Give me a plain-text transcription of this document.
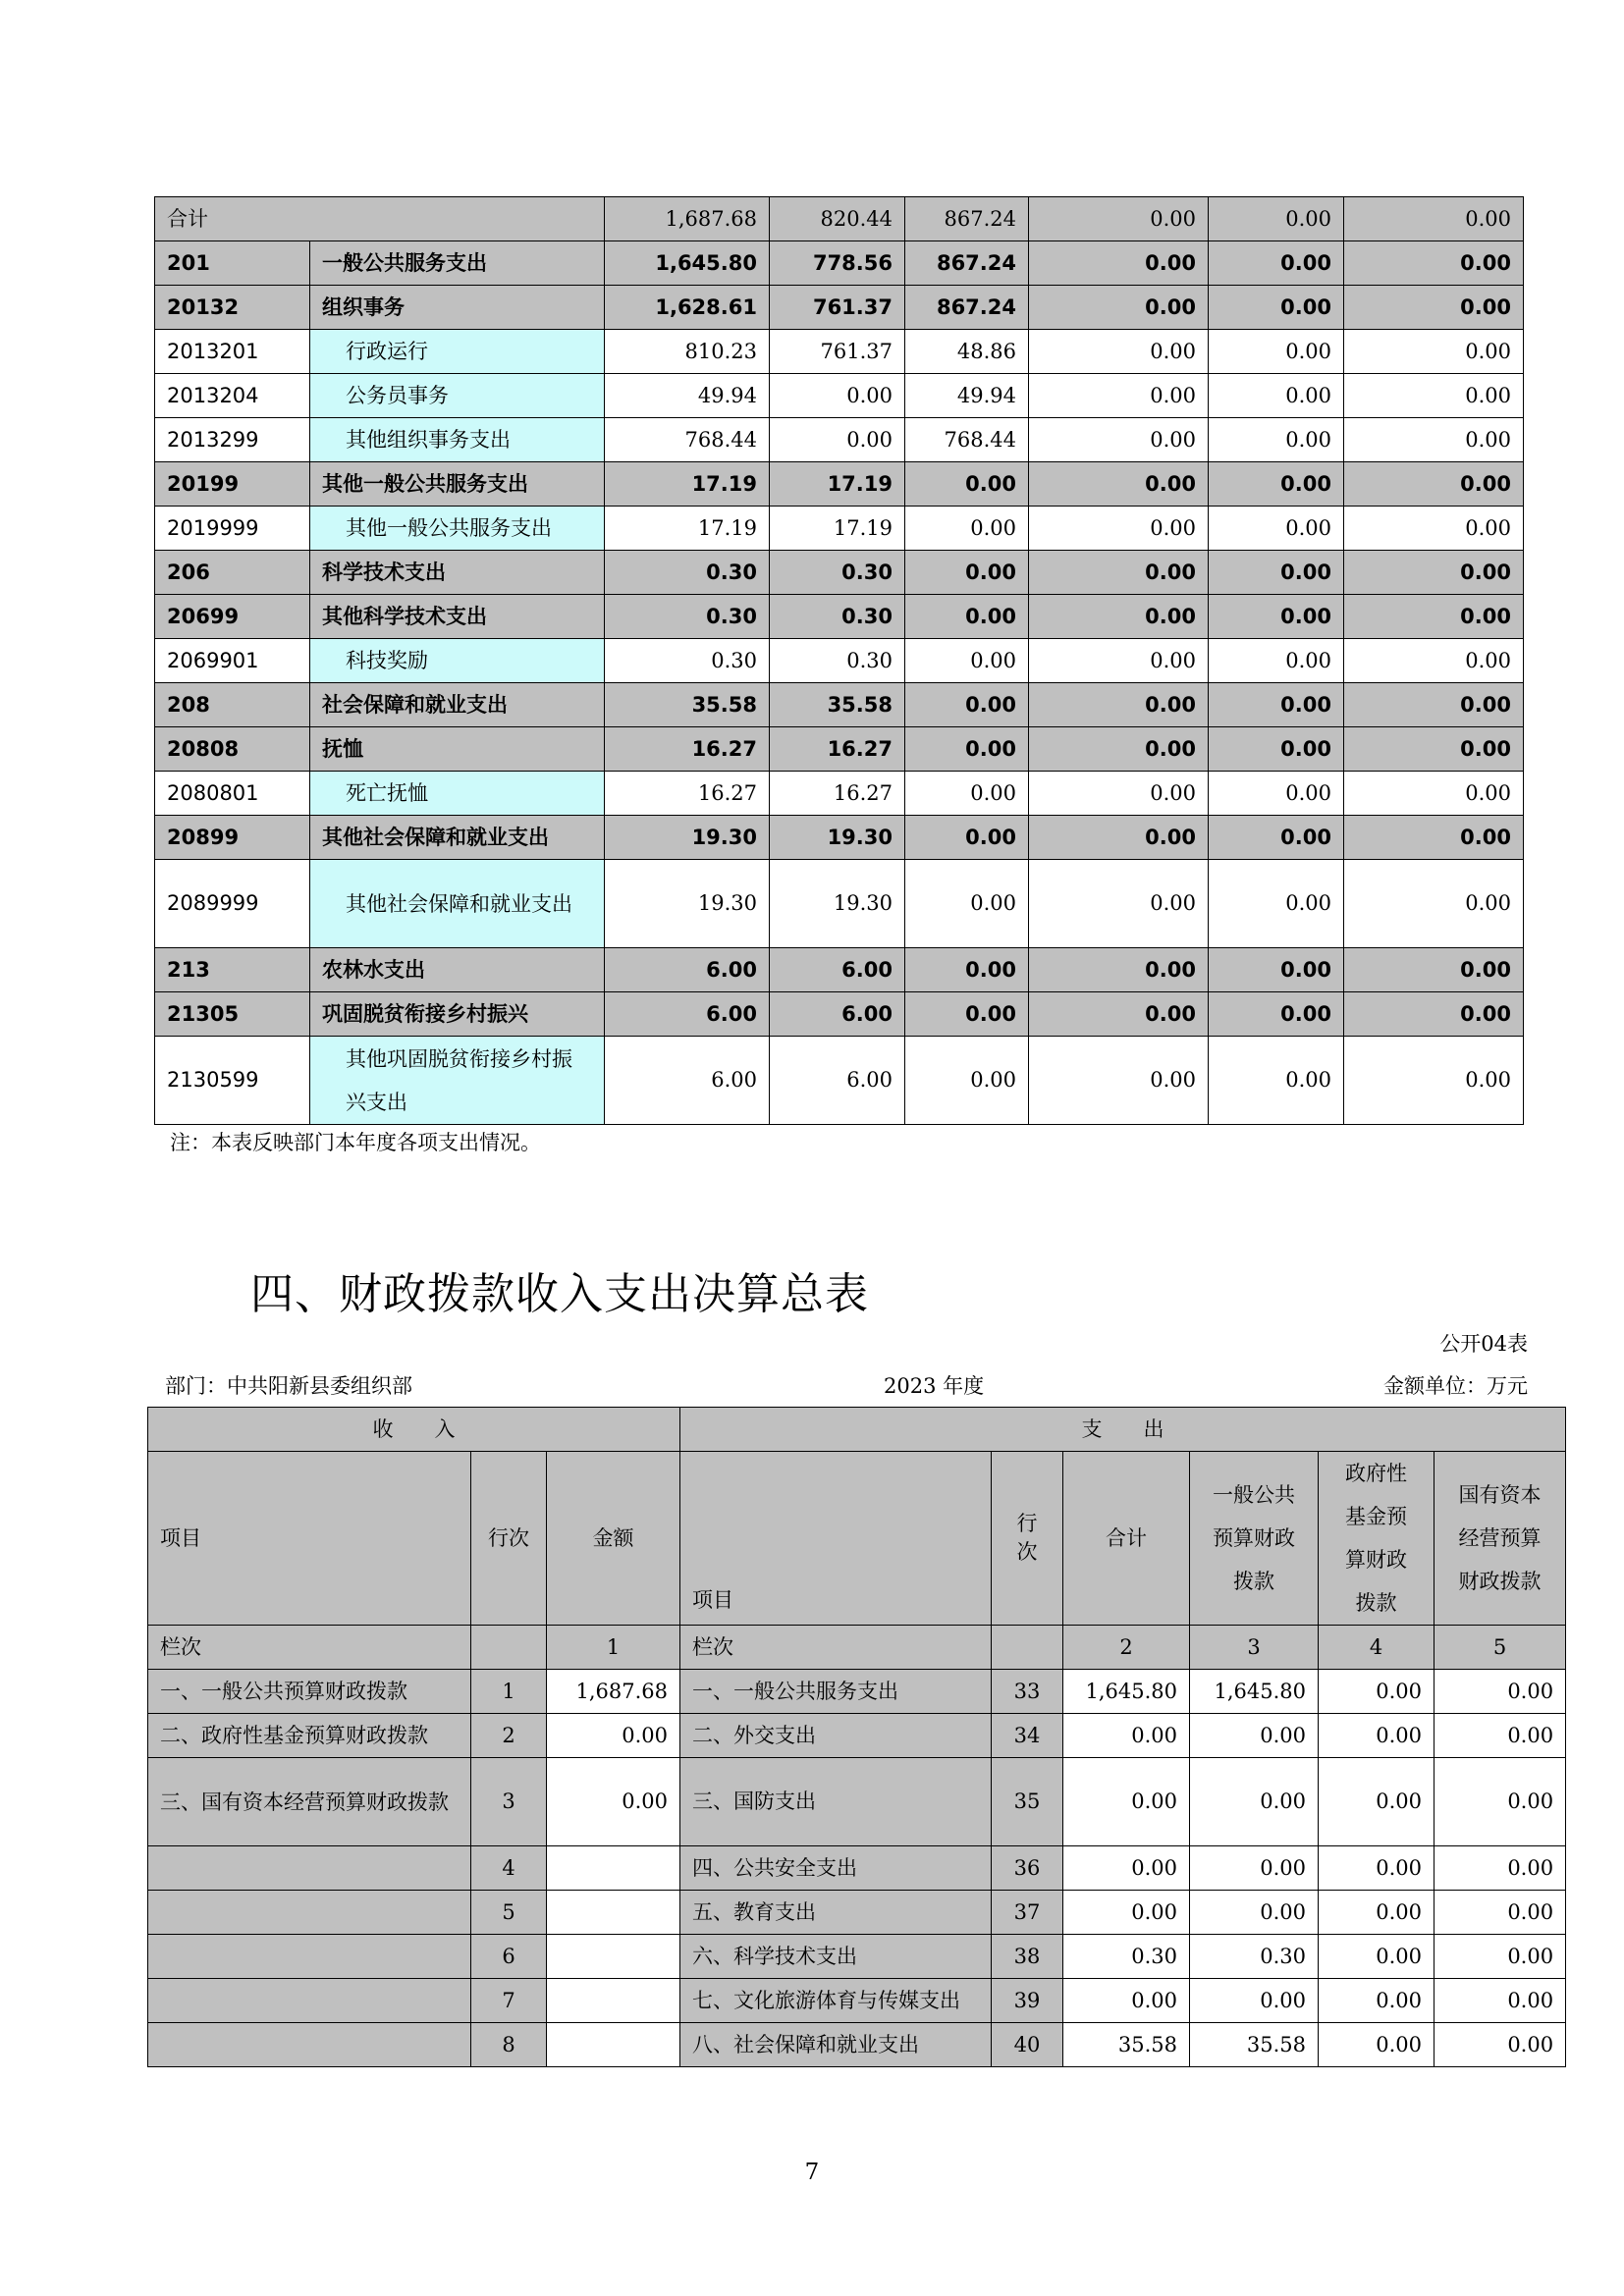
合计		1,687.68	820.44	867.24	0.00	0.00	0.00
201	一般公共服务支出	1,645.80	778.56	867.24	0.00	0.00	0.00
20132	组织事务	1,628.61	761.37	867.24	0.00	0.00	0.00
2013201	行政运行	810.23	761.37	48.86	0.00	0.00	0.00
2013204	公务员事务	49.94	0.00	49.94	0.00	0.00	0.00
2013299	其他组织事务支出	768.44	0.00	768.44	0.00	0.00	0.00
20199	其他一般公共服务支出	17.19	17.19	0.00	0.00	0.00	0.00
2019999	其他一般公共服务支出	17.19	17.19	0.00	0.00	0.00	0.00
206	科学技术支出	0.30	0.30	0.00	0.00	0.00	0.00
20699	其他科学技术支出	0.30	0.30	0.00	0.00	0.00	0.00
2069901	科技奖励	0.30	0.30	0.00	0.00	0.00	0.00
208	社会保障和就业支出	35.58	35.58	0.00	0.00	0.00	0.00
20808	抚恤	16.27	16.27	0.00	0.00	0.00	0.00
2080801	死亡抚恤	16.27	16.27	0.00	0.00	0.00	0.00
20899	其他社会保障和就业支出	19.30	19.30	0.00	0.00	0.00	0.00
2089999	其他社会保障和就业支出	19.30	19.30	0.00	0.00	0.00	0.00
213	农林水支出	6.00	6.00	0.00	0.00	0.00	0.00
21305	巩固脱贫衔接乡村振兴	6.00	6.00	0.00	0.00	0.00	0.00
2130599	其他巩固脱贫衔接乡村振兴支出	6.00	6.00	0.00	0.00	0.00	0.00
注：本表反映部门本年度各项支出情况。
四、财政拨款收入支出决算总表
公开04表
部门：中共阳新县委组织部	2023 年度	金额单位：万元
收　　入			支　　出					
项目	行次	金额	项目	行次	合计	一般公共预算财政拨款	政府性基金预算财政拨款	国有资本经营预算财政拨款
栏次		1	栏次		2	3	4	5
一、一般公共预算财政拨款	1	1,687.68	一、一般公共服务支出	33	1,645.80	1,645.80	0.00	0.00
二、政府性基金预算财政拨款	2	0.00	二、外交支出	34	0.00	0.00	0.00	0.00
三、国有资本经营预算财政拨款	3	0.00	三、国防支出	35	0.00	0.00	0.00	0.00
	4		四、公共安全支出	36	0.00	0.00	0.00	0.00
	5		五、教育支出	37	0.00	0.00	0.00	0.00
	6		六、科学技术支出	38	0.30	0.30	0.00	0.00
	7		七、文化旅游体育与传媒支出	39	0.00	0.00	0.00	0.00
	8		八、社会保障和就业支出	40	35.58	35.58	0.00	0.00
7
